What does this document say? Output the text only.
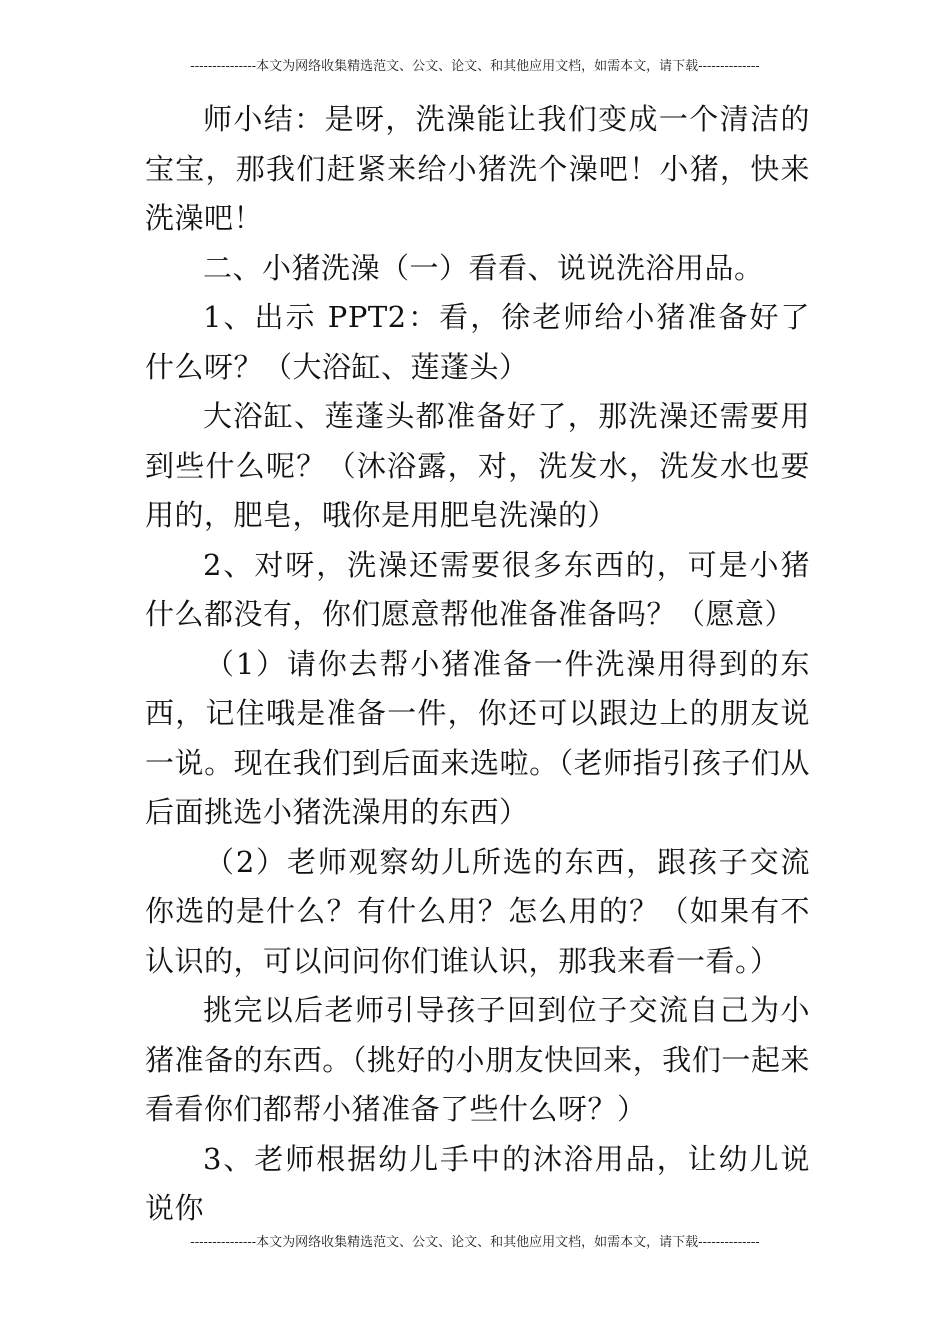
---------------本文为网络收集精选范文、公文、论文、和其他应用文档，如需本文，请下载--------------

师小结：是呀，洗澡能让我们变成一个清洁的宝宝，那我们赶紧来给小猪洗个澡吧！小猪，快来洗澡吧！

二、小猪洗澡（一）看看、说说洗浴用品。

1、出示 PPT2：看，徐老师给小猪准备好了什么呀？（大浴缸、莲蓬头）

大浴缸、莲蓬头都准备好了，那洗澡还需要用到些什么呢？（沐浴露，对，洗发水，洗发水也要用的，肥皂，哦你是用肥皂洗澡的）

2、对呀，洗澡还需要很多东西的，可是小猪什么都没有，你们愿意帮他准备准备吗？（愿意）

（1）请你去帮小猪准备一件洗澡用得到的东西，记住哦是准备一件，你还可以跟边上的朋友说一说。现在我们到后面来选啦。（老师指引孩子们从后面挑选小猪洗澡用的东西）

（2）老师观察幼儿所选的东西，跟孩子交流你选的是什么？有什么用？怎么用的？（如果有不认识的，可以问问你们谁认识，那我来看一看。）

挑完以后老师引导孩子回到位子交流自己为小猪准备的东西。（挑好的小朋友快回来，我们一起来看看你们都帮小猪准备了些什么呀？）

3、老师根据幼儿手中的沐浴用品，让幼儿说说你

---------------本文为网络收集精选范文、公文、论文、和其他应用文档，如需本文，请下载--------------
